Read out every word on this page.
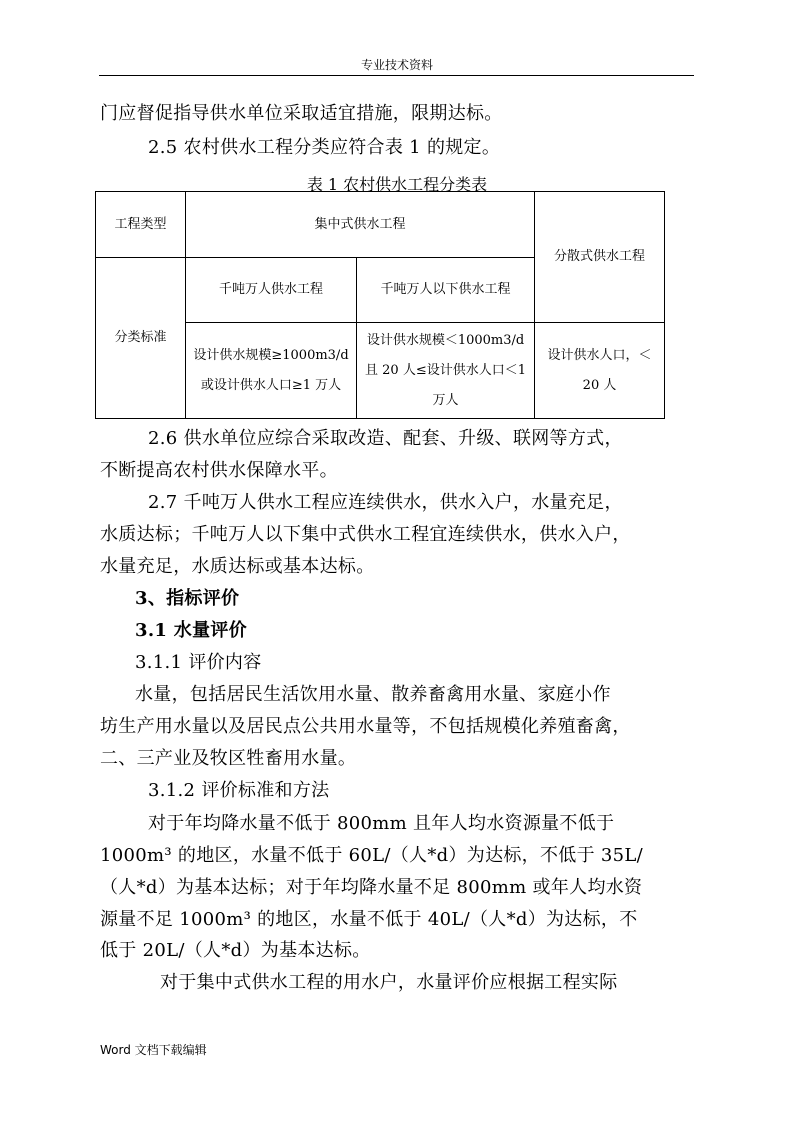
专业技术资料
门应督促指导供水单位采取适宜措施，限期达标。
2.5 农村供水工程分类应符合表 1 的规定。
表 1 农村供水工程分类表
工程类型	集中式供水工程		分散式供水工程
分类标准	千吨万人供水工程	千吨万人以下供水工程	
	设计供水规模≥1000m3/d 或设计供水人口≥1 万人	设计供水规模＜1000m3/d 且 20 人≤设计供水人口＜1 万人	设计供水人口，＜ 20 人
2.6 供水单位应综合采取改造、配套、升级、联网等方式，
不断提高农村供水保障水平。
2.7 千吨万人供水工程应连续供水，供水入户，水量充足，
水质达标；千吨万人以下集中式供水工程宜连续供水，供水入户，
水量充足，水质达标或基本达标。
3、指标评价
3.1 水量评价
3.1.1 评价内容
水量，包括居民生活饮用水量、散养畜禽用水量、家庭小作
坊生产用水量以及居民点公共用水量等，不包括规模化养殖畜禽，
二、三产业及牧区牲畜用水量。
3.1.2 评价标准和方法
对于年均降水量不低于 800mm 且年人均水资源量不低于
1000m³ 的地区，水量不低于 60L/（人*d）为达标，不低于 35L/
（人*d）为基本达标；对于年均降水量不足 800mm 或年人均水资
源量不足 1000m³ 的地区，水量不低于 40L/（人*d）为达标，不
低于 20L/（人*d）为基本达标。
对于集中式供水工程的用水户，水量评价应根据工程实际
Word 文档下载编辑
